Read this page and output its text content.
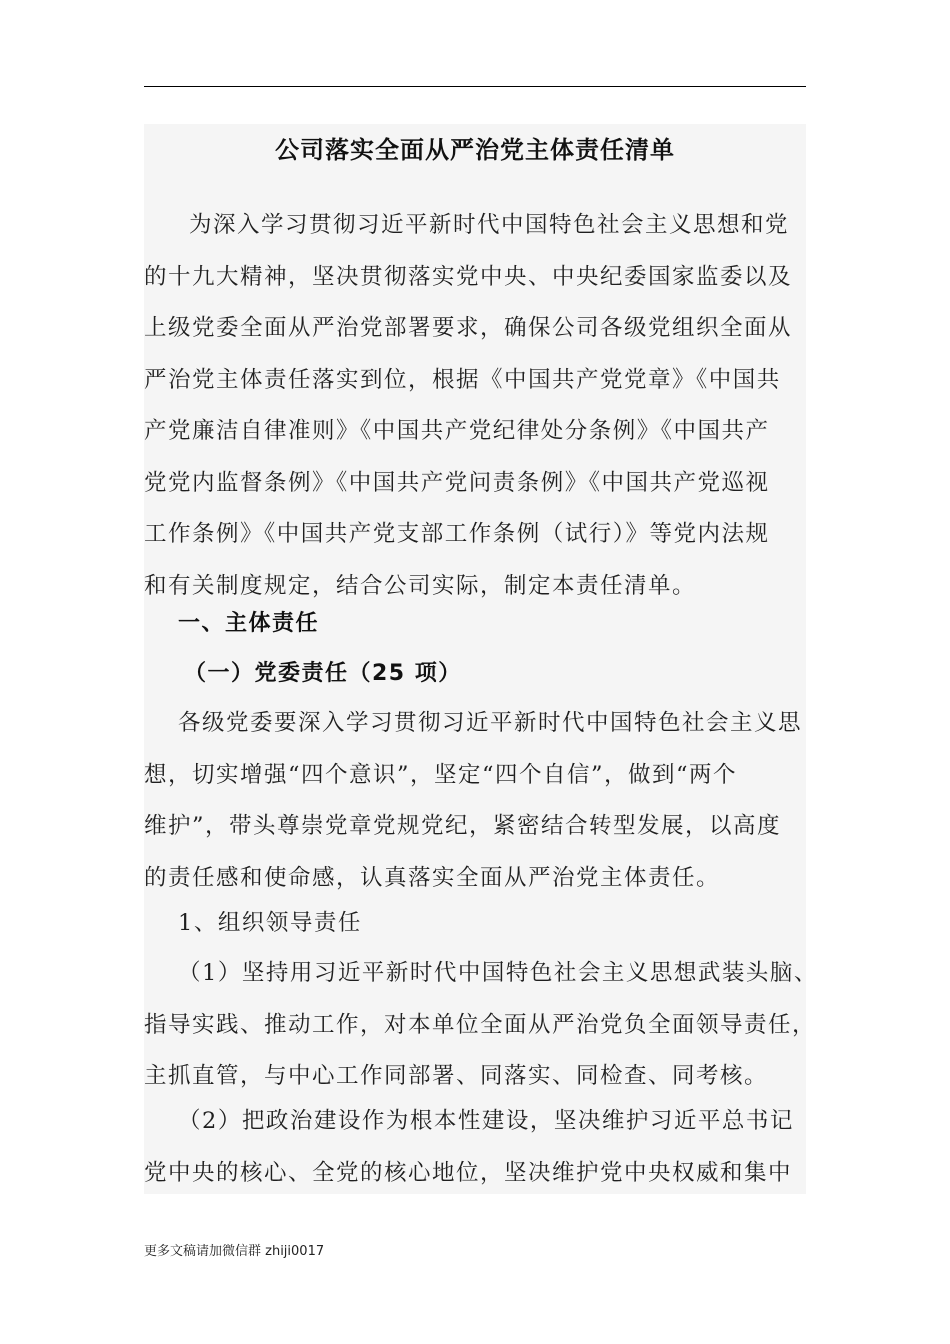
公司落实全面从严治党主体责任清单
为深入学习贯彻习近平新时代中国特色社会主义思想和党
的十九大精神，坚决贯彻落实党中央、中央纪委国家监委以及
上级党委全面从严治党部署要求，确保公司各级党组织全面从
严治党主体责任落实到位，根据《中国共产党党章》《中国共
产党廉洁自律准则》《中国共产党纪律处分条例》《中国共产
党党内监督条例》《中国共产党问责条例》《中国共产党巡视
工作条例》《中国共产党支部工作条例（试行）》等党内法规
和有关制度规定，结合公司实际，制定本责任清单。
一、主体责任
（一）党委责任（25 项）
各级党委要深入学习贯彻习近平新时代中国特色社会主义思
想，切实增强“四个意识”，坚定“四个自信”，做到“两个
维护”，带头尊崇党章党规党纪，紧密结合转型发展，以高度
的责任感和使命感，认真落实全面从严治党主体责任。
1、组织领导责任
（1）坚持用习近平新时代中国特色社会主义思想武装头脑、
指导实践、推动工作，对本单位全面从严治党负全面领导责任，
主抓直管，与中心工作同部署、同落实、同检查、同考核。
（2）把政治建设作为根本性建设，坚决维护习近平总书记
党中央的核心、全党的核心地位，坚决维护党中央权威和集中
更多文稿请加微信群 zhiji0017
